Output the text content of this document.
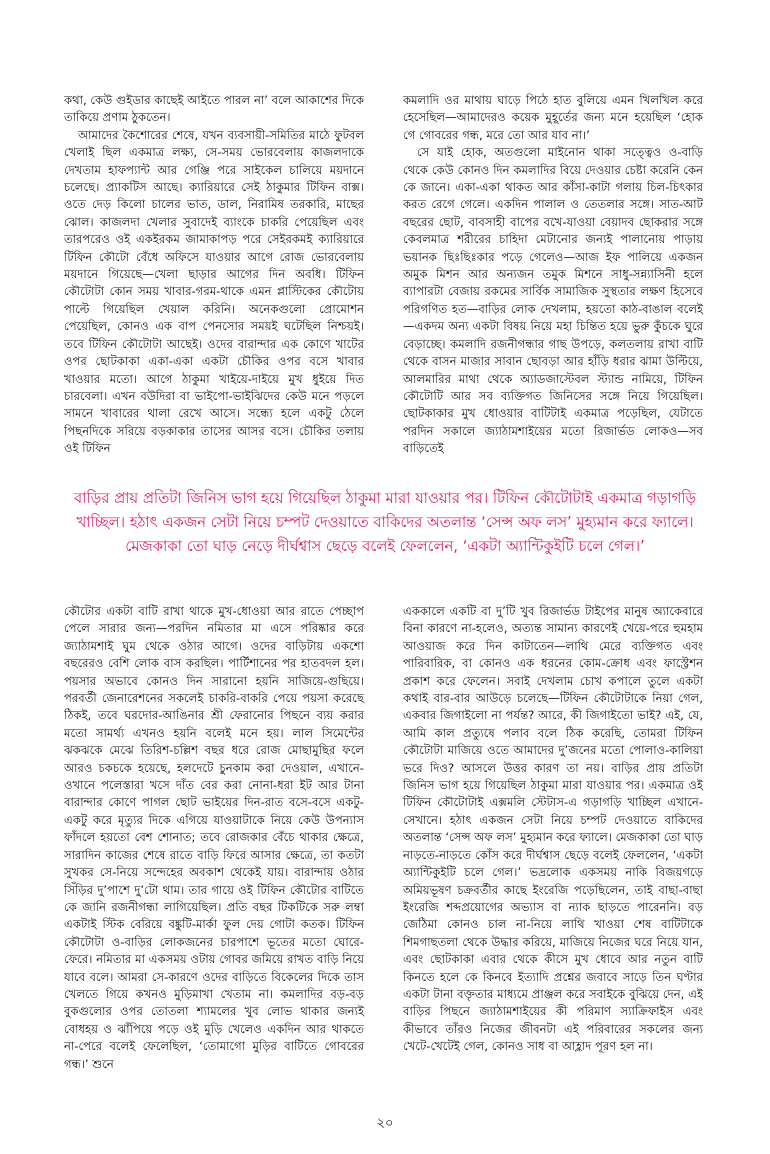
কথা, কেউ গুইডার কাছেই আইতে পারল না’ বলে আকাশের দিকে তাকিয়ে প্রণাম ঠুকতেন।

আমাদের কৈশোরের শেষে, যখন ব্যবসায়ী-সমিতির মাঠে ফুটবল খেলাই ছিল একমাত্র লক্ষ্য, সে-সময় ভোরবেলায় কাজলদাকে দেখতাম হাফপ্যান্ট আর গেঞ্জি পরে সাইকেল চালিয়ে ময়দানে চলেছে। প্র্যাকটিস আছে। ক্যারিয়ারে সেই ঠাকুমার টিফিন বাক্স। ওতে দেড় কিলো চালের ভাত, ডাল, নিরামিষ তরকারি, মাছের ঝোল। কাজলদা খেলার সুবাদেই ব্যাংকে চাকরি পেয়েছিল এবং তারপরেও ওই একইরকম জামাকাপড় পরে সেইরকমই ক্যারিয়ারে টিফিন কৌটো বেঁধে অফিসে যাওয়ার আগে রোজ ভোরবেলায় ময়দানে গিয়েছে—খেলা ছাড়ার আগের দিন অবধি। টিফিন কৌটোটা কোন সময় খাবার-গরম-থাকে এমন প্লাস্টিকের কৌটোয় পাল্টে গিয়েছিল খেয়াল করিনি। অনেকগুলো প্রোমোশন পেয়েছিল, কোনও এক বাপ পেনসোর সময়ই ঘটেছিল নিশ্চয়ই। তবে টিফিন কৌটোটা আছেই। ওদের বারান্দার এক কোণে খাটের ওপর ছোটকাকা একা-একা একটা চৌকির ওপর বসে খাবার খাওয়ার মতো। আগে ঠাকুমা খাইয়ে-দাইয়ে মুখ ধুইয়ে দিত চারবেলা। এখন বউদিরা বা ভাইপো-ভাইঝিদের কেউ মনে পড়লে সামনে খাবারের থালা রেখে আসে। সন্ধ্যে হলে একটু ঠেলে পিছনদিকে সরিয়ে বড়কাকার তাসের আসর বসে। চৌকির তলায় ওই টিফিন

কমলাদি ওর মাথায় ঘাড়ে পিঠে হাত বুলিয়ে এমন খিলখিল করে হেসেছিল—আমাদেরও কয়েক মুহূর্তের জন্য মনে হয়েছিল ‘হোক গে গোবরের গন্ধ, মরে তো আর যাব না।’

সে যাই হোক, অতগুলো মাইনোন থাকা সত্ত্বেও ও-বাড়ি থেকে কেউ কোনও দিন কমলাদির বিয়ে দেওয়ার চেষ্টা করেনি কেন কে জানে। একা-একা থাকত আর কাঁসা-কাটা গলায় চিল-চিৎকার করত রেগে গেলে। একদিন পালাল ও তেতলার সঙ্গে। সাত-আট বছরের ছোট, বাবসাহী বাপের বখে-যাওয়া বেয়াদব ছোকরার সঙ্গে কেবলমাত্র শরীরের চাহিদা মেটানোর জন্যই পালানোয় পাড়ায় ভয়ানক ছিঃছিঃকার পড়ে গেলেও—আজ ইফ পালিয়ে একজন অমুক মিশন আর অন্যজন তমুক মিশনে সাধু-সন্ন্যাসিনী হলে ব্যাপারটা বেজায় রকমের সার্বিক সামাজিক সুস্থতার লক্ষণ হিসেবে পরিগণিত হত—বাড়ির লোক দেখলাম, হয়তো কাঠ-বাঙাল বলেই—একদম অন্য একটা বিষয় নিয়ে মহা চিন্তিত হয়ে ভুরু কুঁচকে ঘুরে বেড়াচ্ছে। কমলাদি রজনীগন্ধার গাছ উপড়ে, কলতলায় রাখা বাটি থেকে বাসন মাজার সাবান ছোবড়া আর হাঁড়ি ধরার ঝামা উল্টিয়ে, আলমারির মাথা থেকে অ্যাডজাস্টেবল স্ট্যান্ড নামিয়ে, টিফিন কৌটোটি আর সব ব্যক্তিগত জিনিসের সঙ্গে নিয়ে গিয়েছিল। ছোটকাকার মুখ ধোওয়ার বাটিটাই একমাত্র পড়েছিল, যেটাতে পরদিন সকালে জ্যাঠামশাইয়ের মতো রিজার্ভড লোকও—সব বাড়িতেই

বাড়ির প্রায় প্রতিটা জিনিস ভাগ হয়ে গিয়েছিল ঠাকুমা মারা যাওয়ার পর। টিফিন কৌটোটাই একমাত্র গড়াগড়ি
খাচ্ছিল। হঠাৎ একজন সেটা নিয়ে চম্পট দেওয়াতে বাকিদের অতলান্ত ‘সেন্স অফ লস’ মুহ্যমান করে ফ্যালে।
মেজকাকা তো ঘাড় নেড়ে দীর্ঘশ্বাস ছেড়ে বলেই ফেললেন, ‘একটা অ্যান্টিকুইটি চলে গেল।’

কৌটোর একটা বাটি রাখা থাকে মুখ-ধোওয়া আর রাতে পেচ্ছাপ পেলে সারার জন্য—পরদিন নমিতার মা এসে পরিষ্কার করে জ্যাঠামশাই ঘুম থেকে ওঠার আগে। ওদের বাড়িটায় একশো বছরেরও বেশি লোক বাস করছিল। পার্টিশানের পর হাতবদল হল। পয়সার অভাবে কোনও দিন সারানো হয়নি সাজিয়ে-গুছিয়ে। পরবর্তী জেনারেশনের সকলেই চাকরি-বাকরি পেয়ে পয়সা করেছে ঠিকই, তবে ঘরদোর-আঙিনার শ্রী ফেরানোর পিছনে ব্যয় করার মতো সামর্থ্য এখনও হয়নি বলেই মনে হয়। লাল সিমেন্টের ঝকঝকে মেঝে তিরিশ-চল্লিশ বছর ধরে রোজ মোছামুছির ফলে আরও চকচকে হয়েছে, হলদেটে চুনকাম করা দেওয়াল, এখানে-ওখানে পলেস্তারা খসে দাঁত বের করা নোনা-ধরা ইট আর টানা বারান্দার কোণে পাগল ছোট ভাইয়ের দিন-রাত বসে-বসে একটু-একটু করে মৃত্যুর দিকে এগিয়ে যাওয়াটাকে নিয়ে কেউ উপন্যাস ফাঁদলে হয়তো বেশ শোনাত; তবে রোজকার বেঁচে থাকার ক্ষেত্রে, সারাদিন কাজের শেষে রাতে বাড়ি ফিরে আসার ক্ষেত্রে, তা কতটা সুখকর সে-নিয়ে সন্দেহের অবকাশ থেকেই যায়। বারান্দায় ওঠার সিঁড়ির দু’পাশে দু’টো থাম। তার গায়ে ওই টিফিন কৌটোর বাটিতে কে জানি রজনীগন্ধা লাগিয়েছিল। প্রতি বছর টিকটিকে সরু লম্বা একটাই স্টিক বেরিয়ে বঙ্কুটি-মার্কা ফুল দেয় গোটা কতক। টিফিন কৌটোটা ও-বাড়ির লোকজনের চারপাশে ভূতের মতো ঘোরে-ফেরে। নমিতার মা একসময় ওটায় গোবর জমিয়ে রাখত বাড়ি নিয়ে যাবে বলে। আমরা সে-কারণে ওদের বাড়িতে বিকেলের দিকে তাস খেলতে গিয়ে কখনও মুড়িমাখা খেতাম না। কমলাদির বড়-বড় বুকগুলোর ওপর তোতলা শ্যামলের খুব লোভ থাকার জন্যই বোধহয় ও ঝাঁপিয়ে পড়ে ওই মুড়ি খেলেও একদিন আর থাকতে না-পেরে বলেই ফেলেছিল, ‘তোমাগো মুড়ির বাটিতে গোবরের গন্ধ।’ শুনে

এককালে একটি বা দু’টি খুব রিজার্ভড টাইপের মানুষ অ্যাকেবারে বিনা কারণে না-হলেও, অত্যন্ত সামান্য কারণেই খেয়ে-পরে হুমহাম আওয়াজ করে দিন কাটাতেন—লাথি মেরে ব্যক্তিগত এবং পারিবারিক, বা কোনও এক ধরনের কোম-ক্রোধ এবং ফাস্ট্রেশন প্রকাশ করে ফেলেন। সবাই দেখলাম চোখ কপালে তুলে একটা কথাই বার-বার আউড়ে চলেছে—টিফিন কৌটোটাকে নিয়া গেল, একবার জিগাইলো না পর্যন্ত? আরে, কী জিগাইতো ভাই? এই, যে, আমি কাল প্রত্যুষে পলাব বলে ঠিক করেছি, তোমরা টিফিন কৌটোটা মাজিয়ে ওতে আমাদের দু’জনের মতো পোলাও-কালিয়া ভরে দিও? আসলে উত্তর কারণ তা নয়। বাড়ির প্রায় প্রতিটা জিনিস ভাগ হয়ে গিয়েছিল ঠাকুমা মারা যাওয়ার পর। একমাত্র ওই টিফিন কৌটোটাই এক্সমলি স্টেটাস-এ গড়াগড়ি খাচ্ছিল এখানে-সেখানে। হঠাৎ একজন সেটা নিয়ে চম্পট দেওয়াতে বাকিদের অতলান্ত ‘সেন্স অফ লস’ মুহ্যমান করে ফ্যালে। মেজকাকা তো ঘাড় নাড়তে-নাড়তে কোঁস করে দীর্ঘশ্বাস ছেড়ে বলেই ফেললেন, ‘একটা অ্যান্টিকুইটি চলে গেল।’ ভদ্রলোক একসময় নাকি বিজয়গড়ে অমিয়ভূষণ চক্রবর্তীর কাছে ইংরেজি পড়েছিলেন, তাই বাছা-বাছা ইংরেজি শব্দপ্রয়োগের অভ্যাস বা ন্যাক ছাড়তে পারেননি। বড় জেঠিমা কোনও চাল না-নিয়ে লাথি খাওয়া শেষ বাটিটাকে শিমগাছতলা থেকে উদ্ধার করিয়ে, মাজিয়ে নিজের ঘরে নিয়ে যান, এবং ছোটকাকা এবার থেকে কীসে মুখ ধোবে আর নতুন বাটি কিনতে হলে কে কিনবে ইত্যাদি প্রশ্নের জবাবে সাড়ে তিন ঘণ্টার একটা টানা বক্তৃতার মাধ্যমে প্রাঞ্জল করে সবাইকে বুঝিয়ে দেন, এই বাড়ির পিছনে জ্যাঠামশাইয়ের কী পরিমাণ স্যাক্রিফাইস এবং কীভাবে তাঁরও নিজের জীবনটা এই পরিবারের সকলের জন্য খেটে-খেটেই গেল, কোনও সাধ বা আহ্লাদ পূরণ হল না।

২০
